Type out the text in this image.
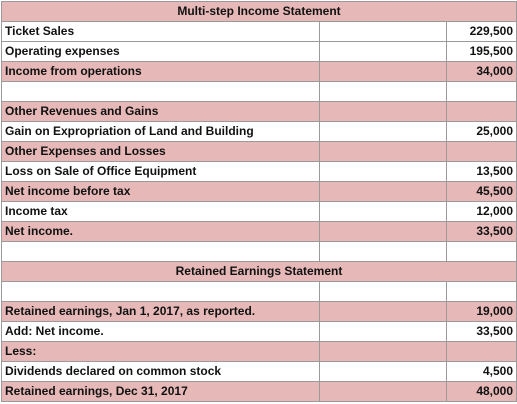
Multi-step Income Statement		
Ticket Sales		229,500
Operating expenses		195,500
Income from operations		34,000

Other Revenues and Gains		
Gain on Expropriation of Land and Building		25,000
Other Expenses and Losses		
Loss on Sale of Office Equipment		13,500
Net income before tax		45,500
Income tax		12,000
Net income.		33,500

Retained Earnings Statement		

Retained earnings, Jan 1, 2017, as reported.		19,000
Add: Net income.		33,500
Less:		
Dividends declared on common stock		4,500
Retained earnings, Dec 31, 2017		48,000
